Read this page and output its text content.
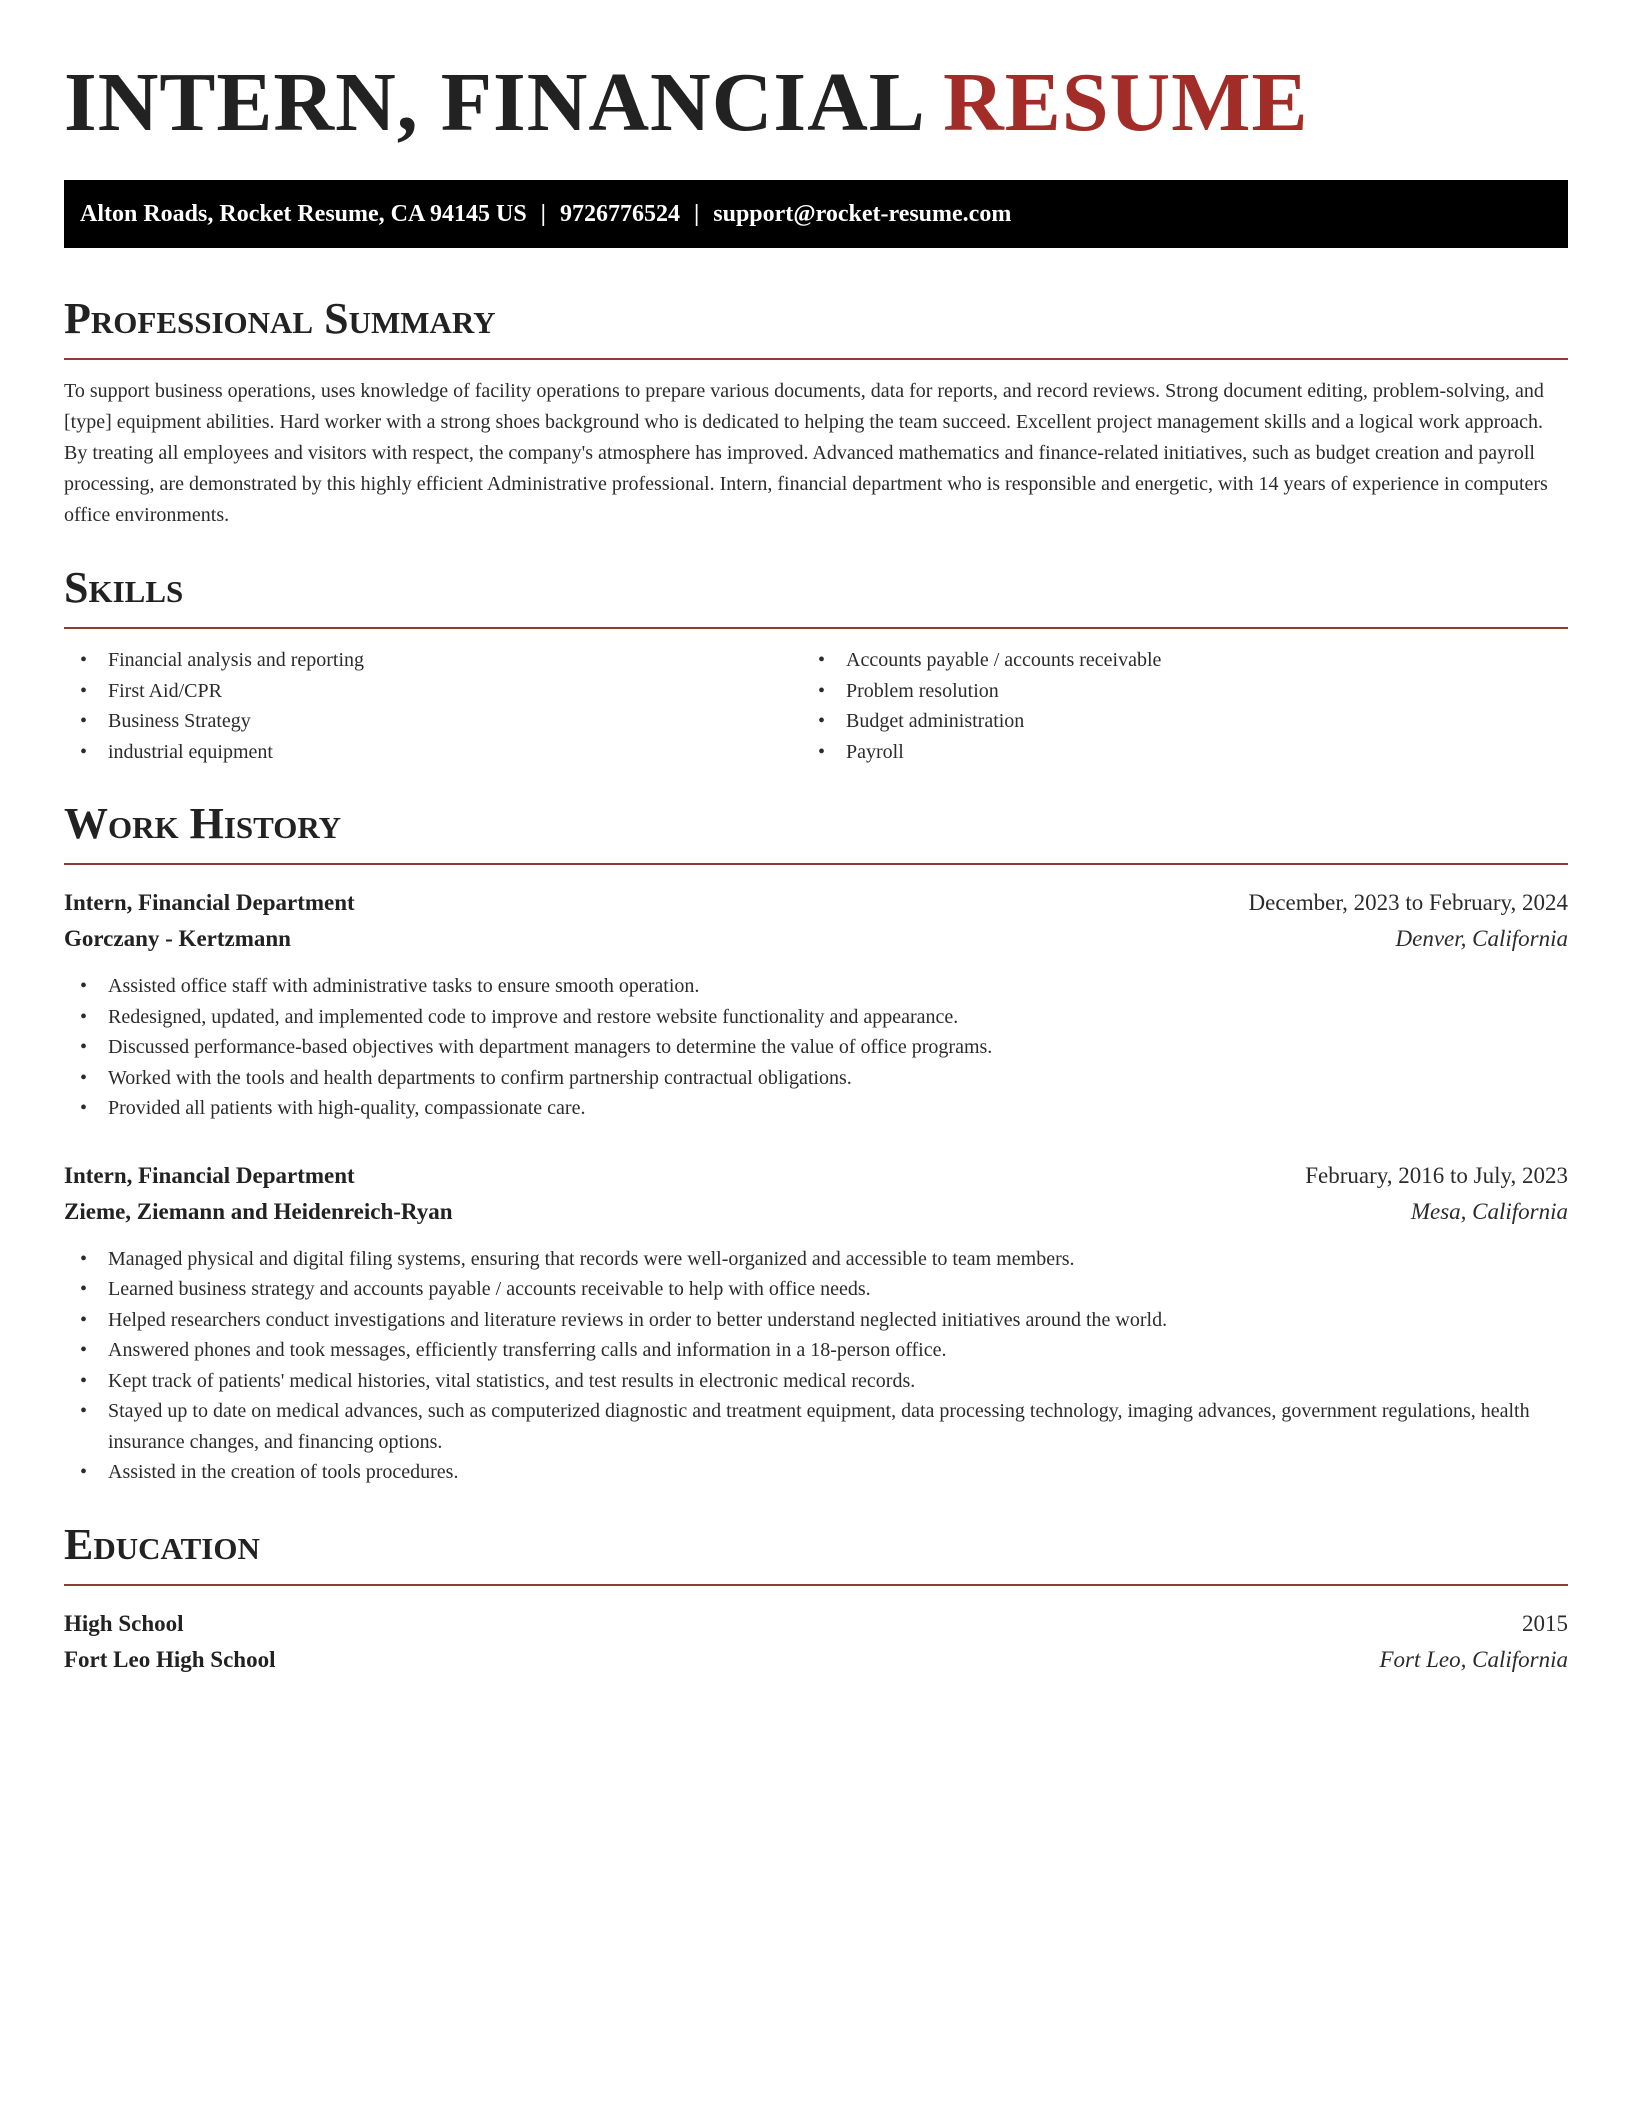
INTERN, FINANCIAL RESUME
Alton Roads, Rocket Resume, CA 94145 US | 9726776524 | support@rocket-resume.com
Professional Summary

To support business operations, uses knowledge of facility operations to prepare various documents, data for reports, and record reviews. Strong document editing, problem-solving, and [type] equipment abilities. Hard worker with a strong shoes background who is dedicated to helping the team succeed. Excellent project management skills and a logical work approach. By treating all employees and visitors with respect, the company's atmosphere has improved. Advanced mathematics and finance-related initiatives, such as budget creation and payroll processing, are demonstrated by this highly efficient Administrative professional. Intern, financial department who is responsible and energetic, with 14 years of experience in computers office environments.

Skills
• Financial analysis and reporting
• First Aid/CPR
• Business Strategy
• industrial equipment
• Accounts payable / accounts receivable
• Problem resolution
• Budget administration
• Payroll
Work History
Intern, Financial Department	December, 2023 to February, 2024
Gorczany - Kertzmann	Denver, California
• Assisted office staff with administrative tasks to ensure smooth operation.
• Redesigned, updated, and implemented code to improve and restore website functionality and appearance.
• Discussed performance-based objectives with department managers to determine the value of office programs.
• Worked with the tools and health departments to confirm partnership contractual obligations.
• Provided all patients with high-quality, compassionate care.
Intern, Financial Department	February, 2016 to July, 2023
Zieme, Ziemann and Heidenreich-Ryan	Mesa, California
• Managed physical and digital filing systems, ensuring that records were well-organized and accessible to team members.
• Learned business strategy and accounts payable / accounts receivable to help with office needs.
• Helped researchers conduct investigations and literature reviews in order to better understand neglected initiatives around the world.
• Answered phones and took messages, efficiently transferring calls and information in a 18-person office.
• Kept track of patients' medical histories, vital statistics, and test results in electronic medical records.
• Stayed up to date on medical advances, such as computerized diagnostic and treatment equipment, data processing technology, imaging advances, government regulations, health insurance changes, and financing options.
• Assisted in the creation of tools procedures.
Education
High School	2015
Fort Leo High School	Fort Leo, California
